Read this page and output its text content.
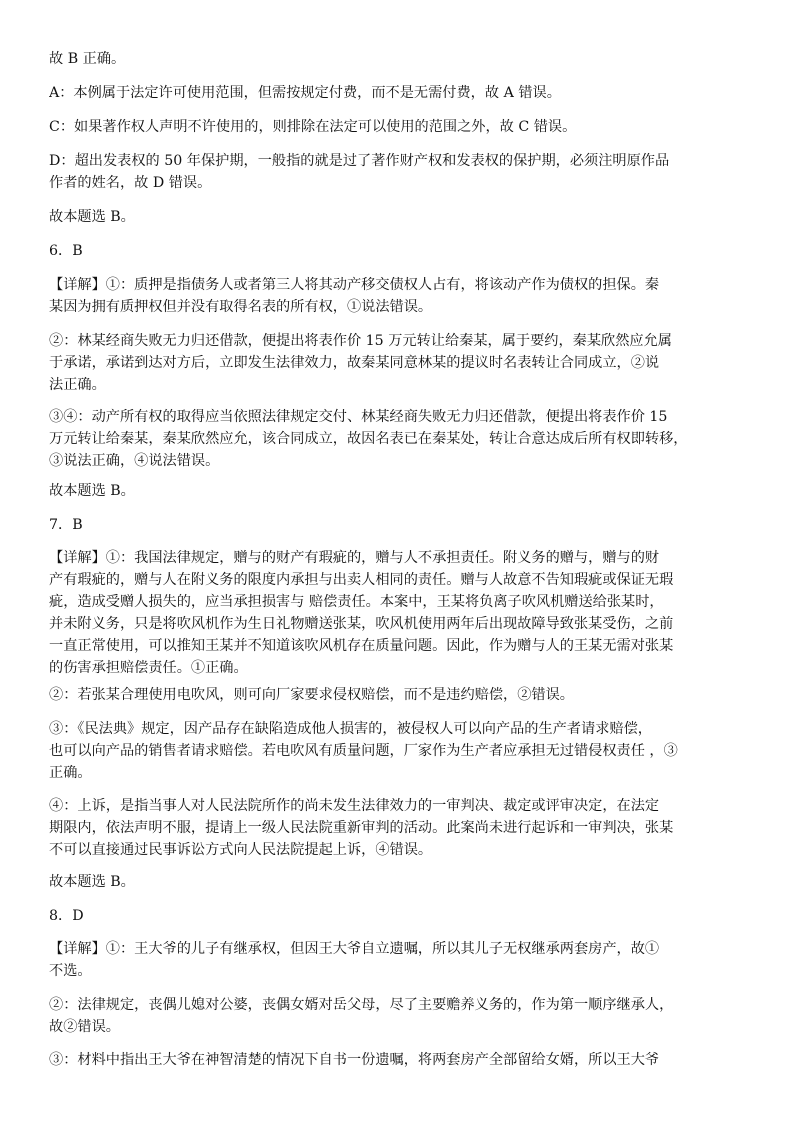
故 B 正确。
A：本例属于法定许可使用范围，但需按规定付费，而不是无需付费，故 A 错误。
C：如果著作权人声明不许使用的，则排除在法定可以使用的范围之外，故 C 错误。
D：超出发表权的 50 年保护期，一般指的就是过了著作财产权和发表权的保护期，必须注明原作品
作者的姓名，故 D 错误。
故本题选 B。
6．B
【详解】①：质押是指债务人或者第三人将其动产移交债权人占有，将该动产作为债权的担保。秦
某因为拥有质押权但并没有取得名表的所有权，①说法错误。
②：林某经商失败无力归还借款，便提出将表作价 15 万元转让给秦某，属于要约，秦某欣然应允属
于承诺，承诺到达对方后，立即发生法律效力，故秦某同意林某的提议时名表转让合同成立，②说
法正确。
③④：动产所有权的取得应当依照法律规定交付、林某经商失败无力归还借款，便提出将表作价 15
万元转让给秦某，秦某欣然应允，该合同成立，故因名表已在秦某处，转让合意达成后所有权即转移，
③说法正确，④说法错误。
故本题选 B。
7．B
【详解】①：我国法律规定，赠与的财产有瑕疵的，赠与人不承担责任。附义务的赠与，赠与的财
产有瑕疵的，赠与人在附义务的限度内承担与出卖人相同的责任。赠与人故意不告知瑕疵或保证无瑕
疵，造成受赠人损失的，应当承担损害与 赔偿责任。本案中，王某将负离子吹风机赠送给张某时，
并未附义务，只是将吹风机作为生日礼物赠送张某，吹风机使用两年后出现故障导致张某受伤，之前
一直正常使用，可以推知王某并不知道该吹风机存在质量问题。因此，作为赠与人的王某无需对张某
的伤害承担赔偿责任。①正确。
②：若张某合理使用电吹风，则可向厂家要求侵权赔偿，而不是违约赔偿，②错误。
③：《民法典》规定，因产品存在缺陷造成他人损害的，被侵权人可以向产品的生产者请求赔偿，
也可以向产品的销售者请求赔偿。若电吹风有质量问题，厂家作为生产者应承担无过错侵权责任 ，③
正确。
④：上诉，是指当事人对人民法院所作的尚未发生法律效力的一审判决、裁定或评审决定，在法定
期限内，依法声明不服，提请上一级人民法院重新审判的活动。此案尚未进行起诉和一审判决，张某
不可以直接通过民事诉讼方式向人民法院提起上诉，④错误。
故本题选 B。
8．D
【详解】①：王大爷的儿子有继承权，但因王大爷自立遗嘱，所以其儿子无权继承两套房产，故①
不选。
②：法律规定，丧偶儿媳对公婆，丧偶女婿对岳父母，尽了主要赡养义务的，作为第一顺序继承人，
故②错误。
③：材料中指出王大爷在神智清楚的情况下自书一份遗嘱，将两套房产全部留给女婿，所以王大爷
